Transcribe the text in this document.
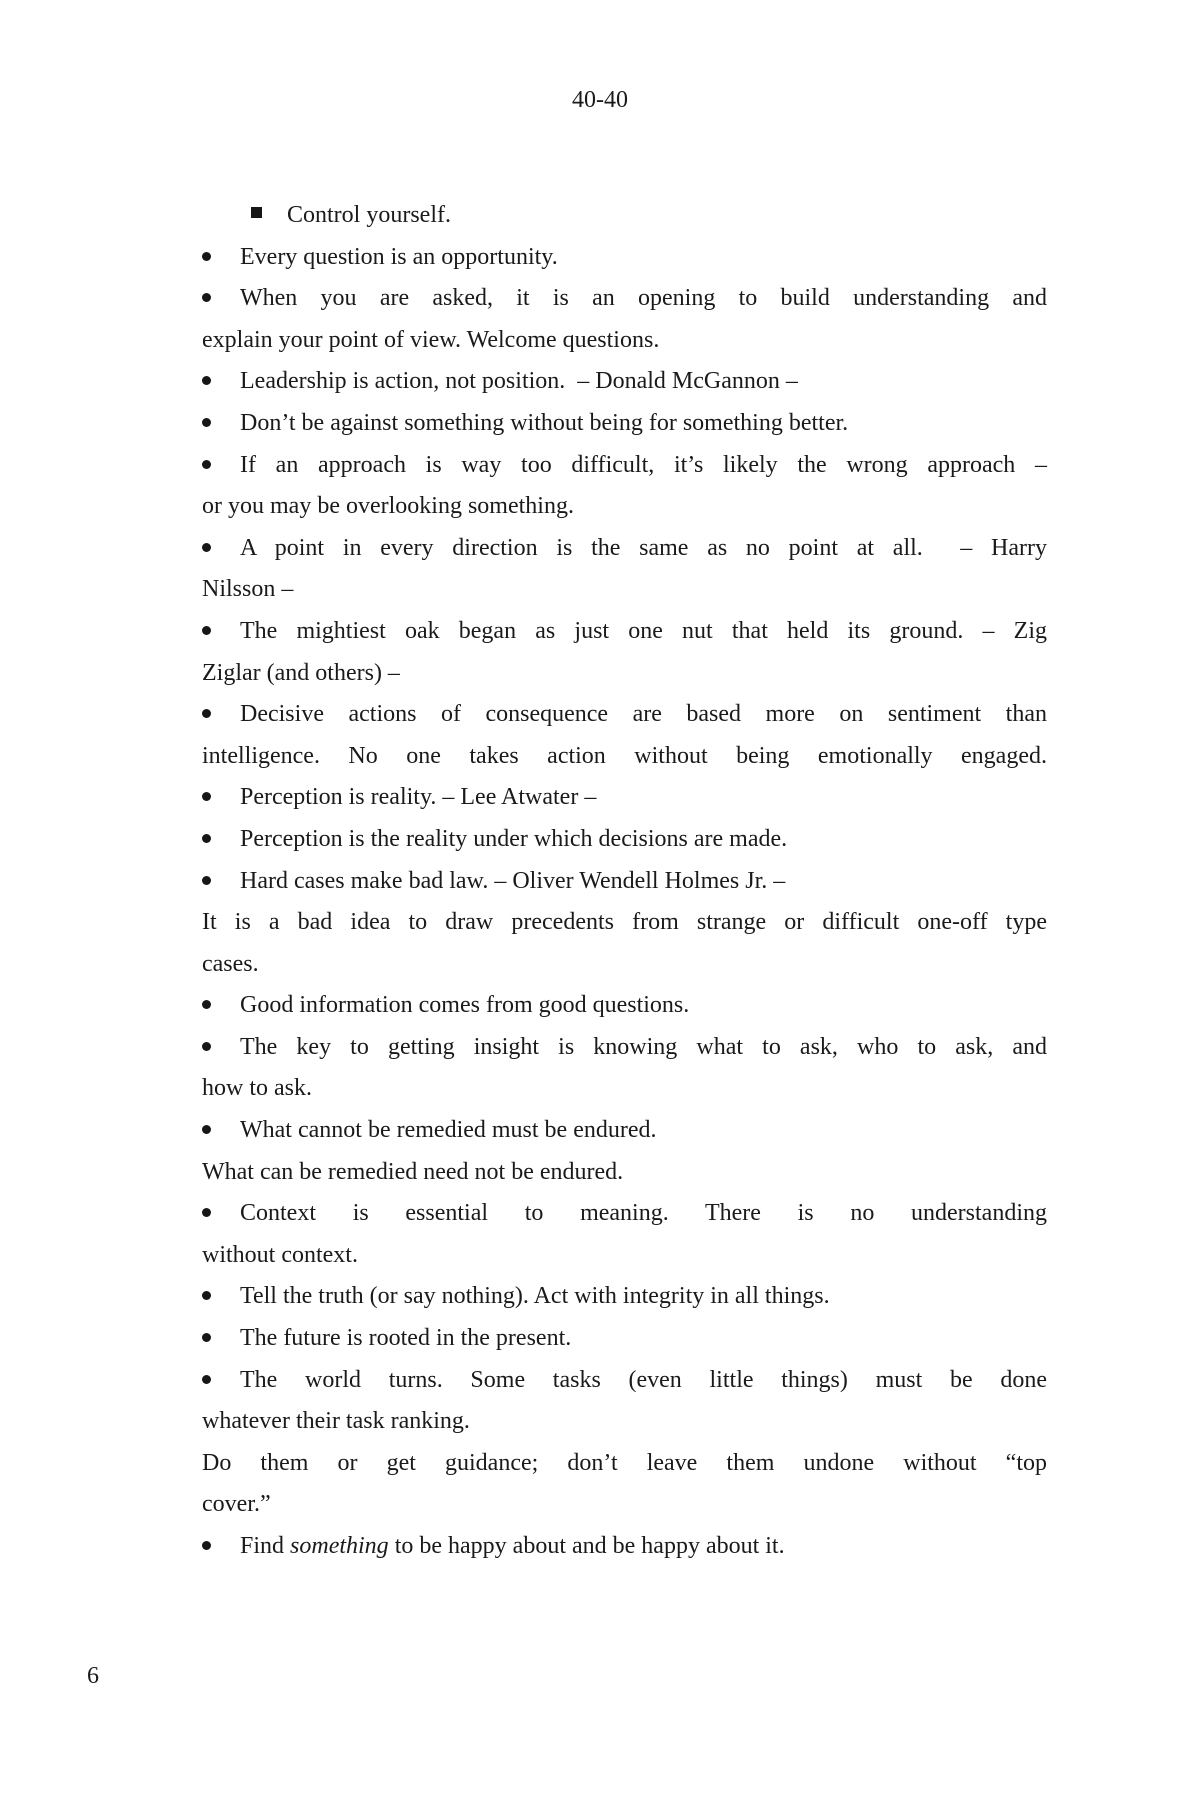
40-40
Control yourself.
Every question is an opportunity.
When you are asked, it is an opening to build understanding and
explain your point of view. Welcome questions.
Leadership is action, not position.  – Donald McGannon –
Don’t be against something without being for something better.
If an approach is way too difficult, it’s likely the wrong approach –
or you may be overlooking something.
A point in every direction is the same as no point at all.  – Harry
Nilsson –
The mightiest oak began as just one nut that held its ground. – Zig
Ziglar (and others) –
Decisive actions of consequence are based more on sentiment than
intelligence. No one takes action without being emotionally engaged.
Perception is reality. – Lee Atwater –
Perception is the reality under which decisions are made.
Hard cases make bad law. – Oliver Wendell Holmes Jr. –
It is a bad idea to draw precedents from strange or difficult one-off type
cases.
Good information comes from good questions.
The key to getting insight is knowing what to ask, who to ask, and
how to ask.
What cannot be remedied must be endured.
What can be remedied need not be endured.
Context is essential to meaning. There is no understanding
without context.
Tell the truth (or say nothing). Act with integrity in all things.
The future is rooted in the present.
The world turns. Some tasks (even little things) must be done
whatever their task ranking.
Do them or get guidance; don’t leave them undone without “top
cover.”
Find something to be happy about and be happy about it.
6
